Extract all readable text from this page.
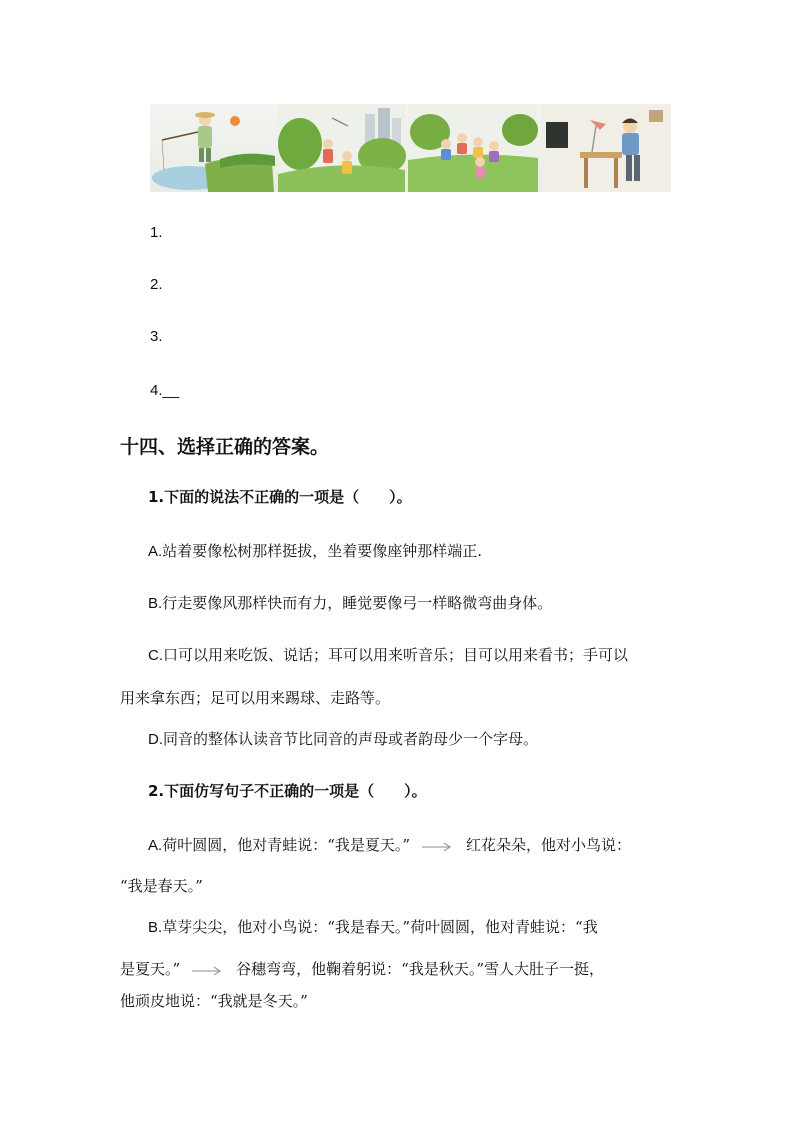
1.
2.
3.
4.__
十四、选择正确的答案。
1.下面的说法不正确的一项是（　　）。
A.站着要像松树那样挺拔，坐着要像座钟那样端正.
B.行走要像风那样快而有力，睡觉要像弓一样略微弯曲身体。
C.口可以用来吃饭、说话；耳可以用来听音乐；目可以用来看书；手可以
用来拿东西；足可以用来踢球、走路等。
D.同音的整体认读音节比同音的声母或者韵母少一个字母。
2.下面仿写句子不正确的一项是（　　）。
A.荷叶圆圆，他对青蛙说：“我是夏天。”	红花朵朵，他对小鸟说：
“我是春天。”
B.草芽尖尖，他对小鸟说：“我是春天。”荷叶圆圆，他对青蛙说：“我
是夏天。”	谷穗弯弯，他鞠着躬说：“我是秋天。”雪人大肚子一挺，
他顽皮地说：“我就是冬天。”
